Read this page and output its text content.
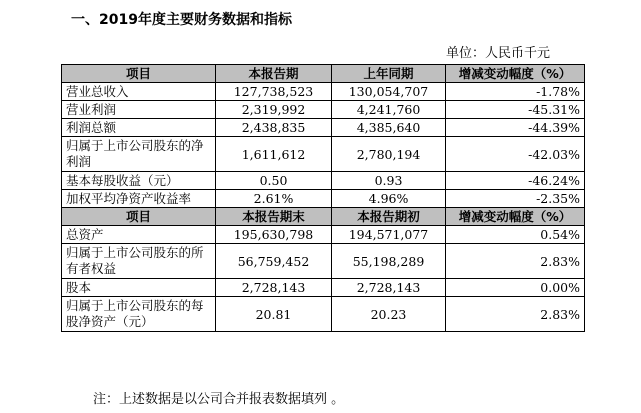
一、2019年度主要财务数据和指标
单位：人民币千元
项目	本报告期	上年同期	增减变动幅度（%）
营业总收入	127,738,523	130,054,707	-1.78%
营业利润	2,319,992	4,241,760	-45.31%
利润总额	2,438,835	4,385,640	-44.39%
归属于上市公司股东的净利润	1,611,612	2,780,194	-42.03%
基本每股收益（元）	0.50	0.93	-46.24%
加权平均净资产收益率	2.61%	4.96%	-2.35%
项目	本报告期末	本报告期初	增减变动幅度（%）
总资产	195,630,798	194,571,077	0.54%
归属于上市公司股东的所有者权益	56,759,452	55,198,289	2.83%
股本	2,728,143	2,728,143	0.00%
归属于上市公司股东的每股净资产（元）	20.81	20.23	2.83%
注：上述数据是以公司合并报表数据填列 。
